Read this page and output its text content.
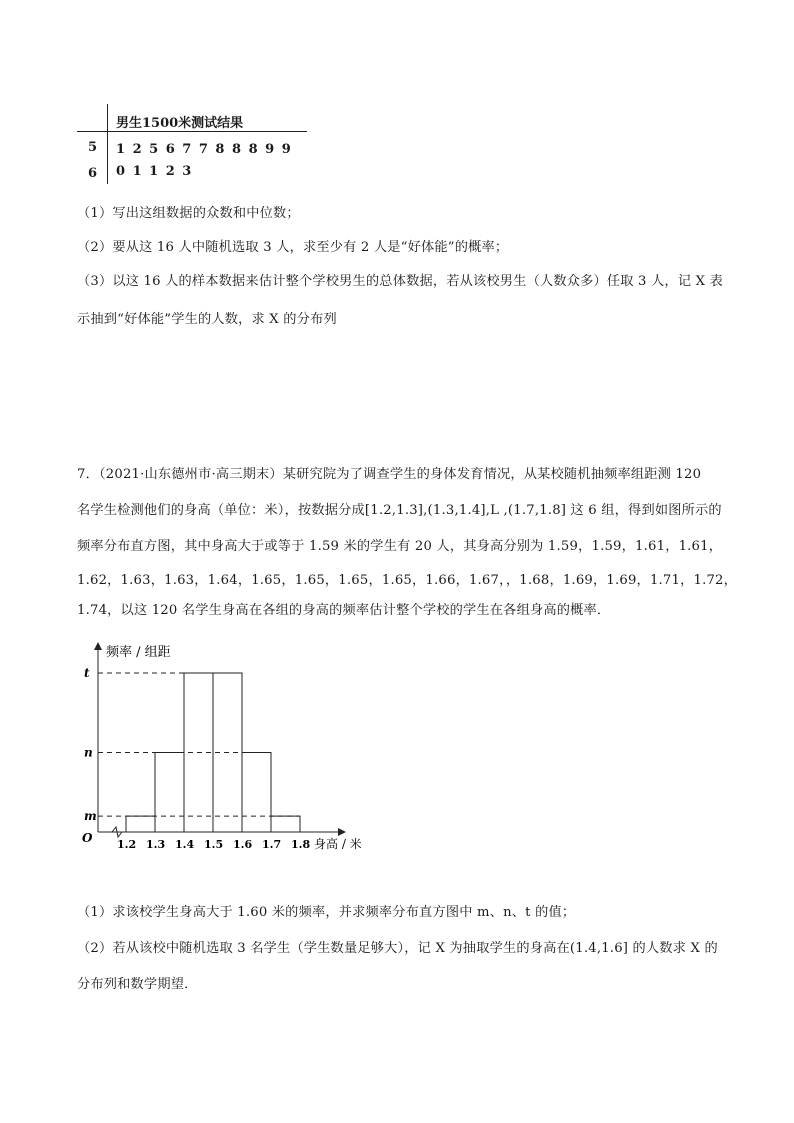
男生1500米测试结果
5 1 2 5 6 7 7 8 8 8 9 9
6 0 1 1 2 3
（1）写出这组数据的众数和中位数；
（2）要从这 16 人中随机选取 3 人，求至少有 2 人是“好体能”的概率；
（3）以这 16 人的样本数据来估计整个学校男生的总体数据，若从该校男生（人数众多）任取 3 人，记 X 表
示抽到“好体能”学生的人数，求 X 的分布列
7．（2021·山东德州市·高三期末）某研究院为了调查学生的身体发育情况，从某校随机抽频率组距测 120
名学生检测他们的身高（单位：米），按数据分成[1.2,1.3],(1.3,1.4],L ,(1.7,1.8] 这 6 组，得到如图所示的
频率分布直方图，其中身高大于或等于 1.59 米的学生有 20 人，其身高分别为 1.59，1.59，1.61，1.61，
1.62，1.63，1.63，1.64，1.65，1.65，1.65，1.65，1.66，1.67，，1.68，1.69，1.69，1.71，1.72，
1.74，以这 120 名学生身高在各组的身高的频率估计整个学校的学生在各组身高的概率．
m
n
t
1.2 1.3 1.4 1.5 1.6 1.7 1.8
O
频率 / 组距
身高 / 米
（1）求该校学生身高大于 1.60 米的频率，并求频率分布直方图中 m、n、t 的值；
（2）若从该校中随机选取 3 名学生（学生数量足够大），记 X 为抽取学生的身高在(1.4,1.6] 的人数求 X 的
分布列和数学期望．
